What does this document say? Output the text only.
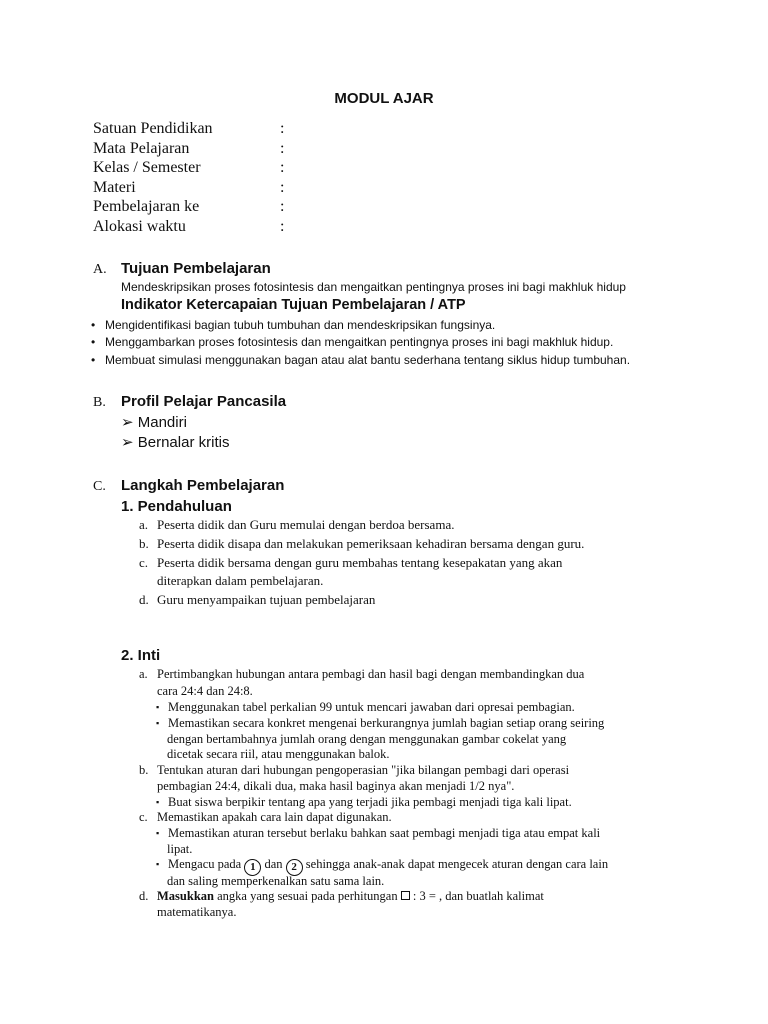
MODUL AJAR
Satuan Pendidikan	:
Mata Pelajaran	:
Kelas / Semester	:
Materi	:
Pembelajaran ke	:
Alokasi waktu	:
A. Tujuan Pembelajaran
Mendeskripsikan proses fotosintesis dan mengaitkan pentingnya proses ini bagi makhluk hidup
Indikator Ketercapaian Tujuan Pembelajaran / ATP
• Mengidentifikasi bagian tubuh tumbuhan dan mendeskripsikan fungsinya.
• Menggambarkan proses fotosintesis dan mengaitkan pentingnya proses ini bagi makhluk hidup.
• Membuat simulasi menggunakan bagan atau alat bantu sederhana tentang siklus hidup tumbuhan.
B. Profil Pelajar Pancasila
➢ Mandiri
➢ Bernalar kritis
C. Langkah Pembelajaran
1. Pendahuluan
a. Peserta didik dan Guru memulai dengan berdoa bersama.
b. Peserta didik disapa dan melakukan pemeriksaan kehadiran bersama dengan guru.
c. Peserta didik bersama dengan guru membahas tentang kesepakatan yang akan
diterapkan dalam pembelajaran.
d. Guru menyampaikan tujuan pembelajaran
2. Inti
a. Pertimbangkan hubungan antara pembagi dan hasil bagi dengan membandingkan dua
cara 24:4 dan 24:8.
▪ Menggunakan tabel perkalian 99 untuk mencari jawaban dari opresai pembagian.
▪ Memastikan secara konkret mengenai berkurangnya jumlah bagian setiap orang seiring
dengan bertambahnya jumlah orang dengan menggunakan gambar cokelat yang
dicetak secara riil, atau menggunakan balok.
b. Tentukan aturan dari hubungan pengoperasian "jika bilangan pembagi dari operasi
pembagian 24:4, dikali dua, maka hasil baginya akan menjadi 1/2 nya".
▪ Buat siswa berpikir tentang apa yang terjadi jika pembagi menjadi tiga kali lipat.
c. Memastikan apakah cara lain dapat digunakan.
▪ Memastikan aturan tersebut berlaku bahkan saat pembagi menjadi tiga atau empat kali
lipat.
▪ Mengacu pada 1 dan 2 sehingga anak-anak dapat mengecek aturan dengan cara lain
dan saling memperkenalkan satu sama lain.
d. Masukkan angka yang sesuai pada perhitungan : 3 = , dan buatlah kalimat
matematikanya.
